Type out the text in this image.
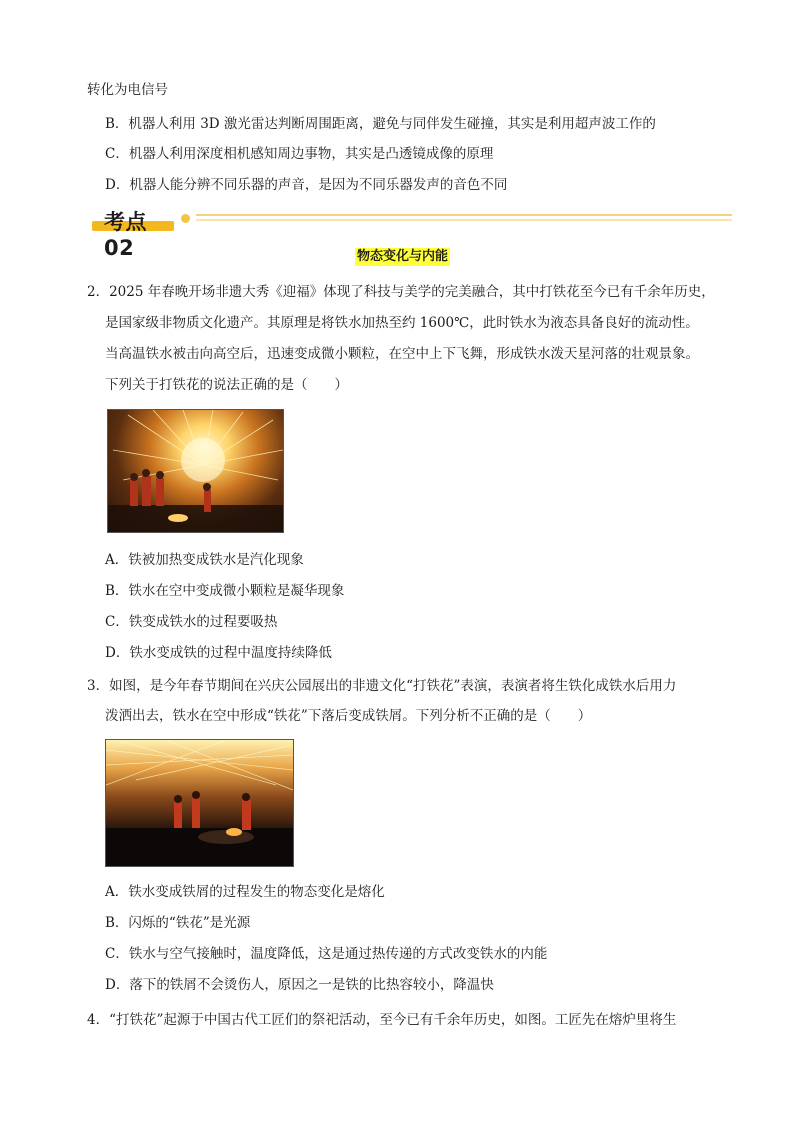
转化为电信号
B．机器人利用 3D 激光雷达判断周围距离，避免与同伴发生碰撞，其实是利用超声波工作的
C．机器人利用深度相机感知周边事物，其实是凸透镜成像的原理
D．机器人能分辨不同乐器的声音，是因为不同乐器发声的音色不同
考点02	物态变化与内能
2．2025 年春晚开场非遗大秀《迎福》体现了科技与美学的完美融合，其中打铁花至今已有千余年历史，
是国家级非物质文化遗产。其原理是将铁水加热至约 1600℃，此时铁水为液态具备良好的流动性。
当高温铁水被击向高空后，迅速变成微小颗粒，在空中上下飞舞，形成铁水泼天星河落的壮观景象。
下列关于打铁花的说法正确的是（　　）
A．铁被加热变成铁水是汽化现象
B．铁水在空中变成微小颗粒是凝华现象
C．铁变成铁水的过程要吸热
D．铁水变成铁的过程中温度持续降低
3．如图，是今年春节期间在兴庆公园展出的非遗文化“打铁花”表演，表演者将生铁化成铁水后用力
泼洒出去，铁水在空中形成“铁花”下落后变成铁屑。下列分析不正确的是（　　）
A．铁水变成铁屑的过程发生的物态变化是熔化
B．闪烁的“铁花”是光源
C．铁水与空气接触时，温度降低，这是通过热传递的方式改变铁水的内能
D．落下的铁屑不会烫伤人，原因之一是铁的比热容较小，降温快
4．“打铁花”起源于中国古代工匠们的祭祀活动，至今已有千余年历史，如图。工匠先在熔炉里将生
